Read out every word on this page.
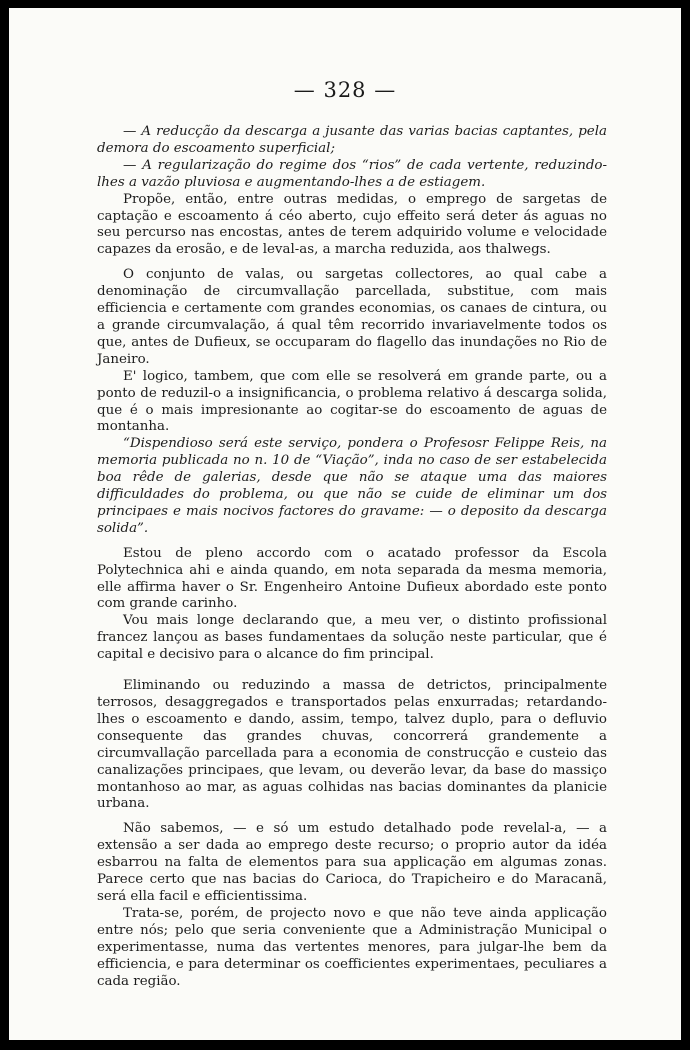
— 328 —

— A reducção da descarga a jusante das varias bacias captantes, pela demora do escoamento superficial;

— A regularização do regime dos “rios” de cada vertente, reduzindo-lhes a vazão pluviosa e augmentando-lhes a de estiagem.

Propõe, então, entre outras medidas, o emprego de sargetas de captação e escoamento á céo aberto, cujo effeito será deter ás aguas no seu percurso nas encostas, antes de terem adquirido volume e velocidade capazes da erosão, e de leval-as, a marcha reduzida, aos thalwegs.

O conjunto de valas, ou sargetas collectores, ao qual cabe a denominação de circumvallação parcellada, substitue, com mais efficiencia e certamente com grandes economias, os canaes de cintura, ou a grande circumvalação, á qual têm recorrido invariavelmente todos os que, antes de Dufieux, se occuparam do flagello das inundações no Rio de Janeiro.

E' logico, tambem, que com elle se resolverá em grande parte, ou a ponto de reduzil-o a insignificancia, o problema relativo á descarga solida, que é o mais impresionante ao cogitar-se do escoamento de aguas de montanha.

“Dispendioso será este serviço, pondera o Profesosr Felippe Reis, na memoria publicada no n. 10 de “Viação”, inda no caso de ser estabelecida boa rêde de galerias, desde que não se ataque uma das maiores difficuldades do problema, ou que não se cuide de eliminar um dos principaes e mais nocivos factores do gravame: — o deposito da descarga solida”.

Estou de pleno accordo com o acatado professor da Escola Polytechnica ahi e ainda quando, em nota separada da mesma memoria, elle affirma haver o Sr. Engenheiro Antoine Dufieux abordado este ponto com grande carinho.

Vou mais longe declarando que, a meu ver, o distinto profissional francez lançou as bases fundamentaes da solução neste particular, que é capital e decisivo para o alcance do fim principal.

Eliminando ou reduzindo a massa de detrictos, principalmente terrosos, desaggregados e transportados pelas enxurradas; retardando-lhes o escoamento e dando, assim, tempo, talvez duplo, para o defluvio consequente das grandes chuvas, concorrerá grandemente a circumvallação parcellada para a economia de construcção e custeio das canalizações principaes, que levam, ou deverão levar, da base do massiço montanhoso ao mar, as aguas colhidas nas bacias dominantes da planicie urbana.

Não sabemos, — e só um estudo detalhado pode revelal-a, — a extensão a ser dada ao emprego deste recurso; o proprio autor da idéa esbarrou na falta de elementos para sua applicação em algumas zonas. Parece certo que nas bacias do Carioca, do Trapicheiro e do Maracanã, será ella facil e efficientissima.

Trata-se, porém, de projecto novo e que não teve ainda applicação entre nós; pelo que seria conveniente que a Administração Municipal o experimentasse, numa das vertentes menores, para julgar-lhe bem da efficiencia, e para determinar os coefficientes experimentaes, peculiares a cada região.
